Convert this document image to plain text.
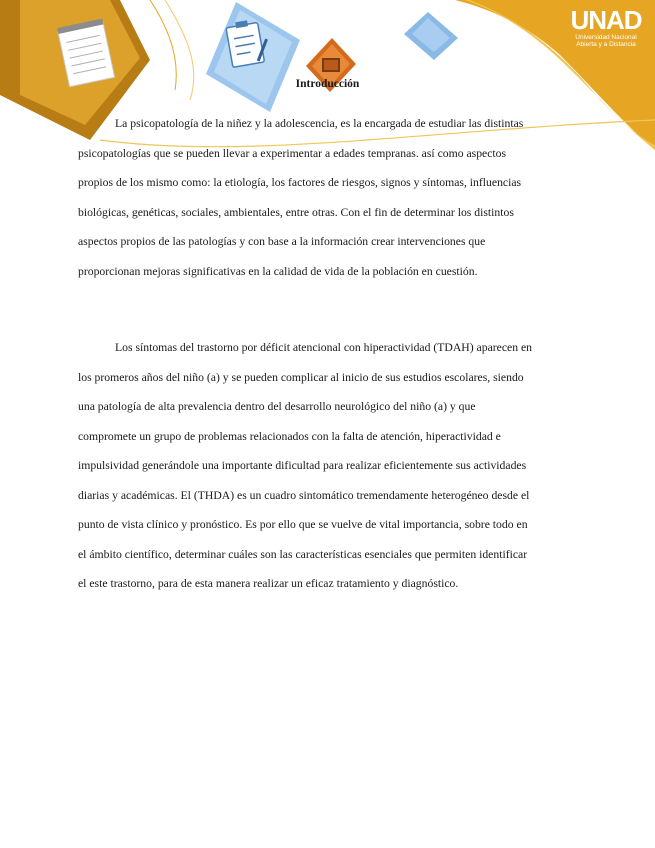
UNAD
Universidad Nacional
Abierta y a Distancia
Introducción
La psicopatología de la niñez y la adolescencia, es la encargada de estudiar las distintas
psicopatologías que se pueden llevar a experimentar a edades tempranas. así como aspectos
propios de los mismo como: la etiología, los factores de riesgos, signos y síntomas, influencias
biológicas, genéticas, sociales, ambientales, entre otras. Con el fin de determinar los distintos
aspectos propios de las patologías y con base a la información crear intervenciones que
proporcionan mejoras significativas en la calidad de vida de la población en cuestión.
Los síntomas del trastorno por déficit atencional con hiperactividad (TDAH) aparecen en
los promeros años del niño (a) y se pueden complicar al inicio de sus estudios escolares, siendo
una patología de alta prevalencia dentro del desarrollo neurológico del niño (a) y que
compromete un grupo de problemas relacionados con la falta de atención, hiperactividad e
impulsividad generándole una importante dificultad para realizar eficientemente sus actividades
diarias y académicas. El (THDA) es un cuadro sintomático tremendamente heterogéneo desde el
punto de vista clínico y pronóstico. Es por ello que se vuelve de vital importancia, sobre todo en
el ámbito científico, determinar cuáles son las características esenciales que permiten identificar
el este trastorno, para de esta manera realizar un eficaz tratamiento y diagnóstico.
